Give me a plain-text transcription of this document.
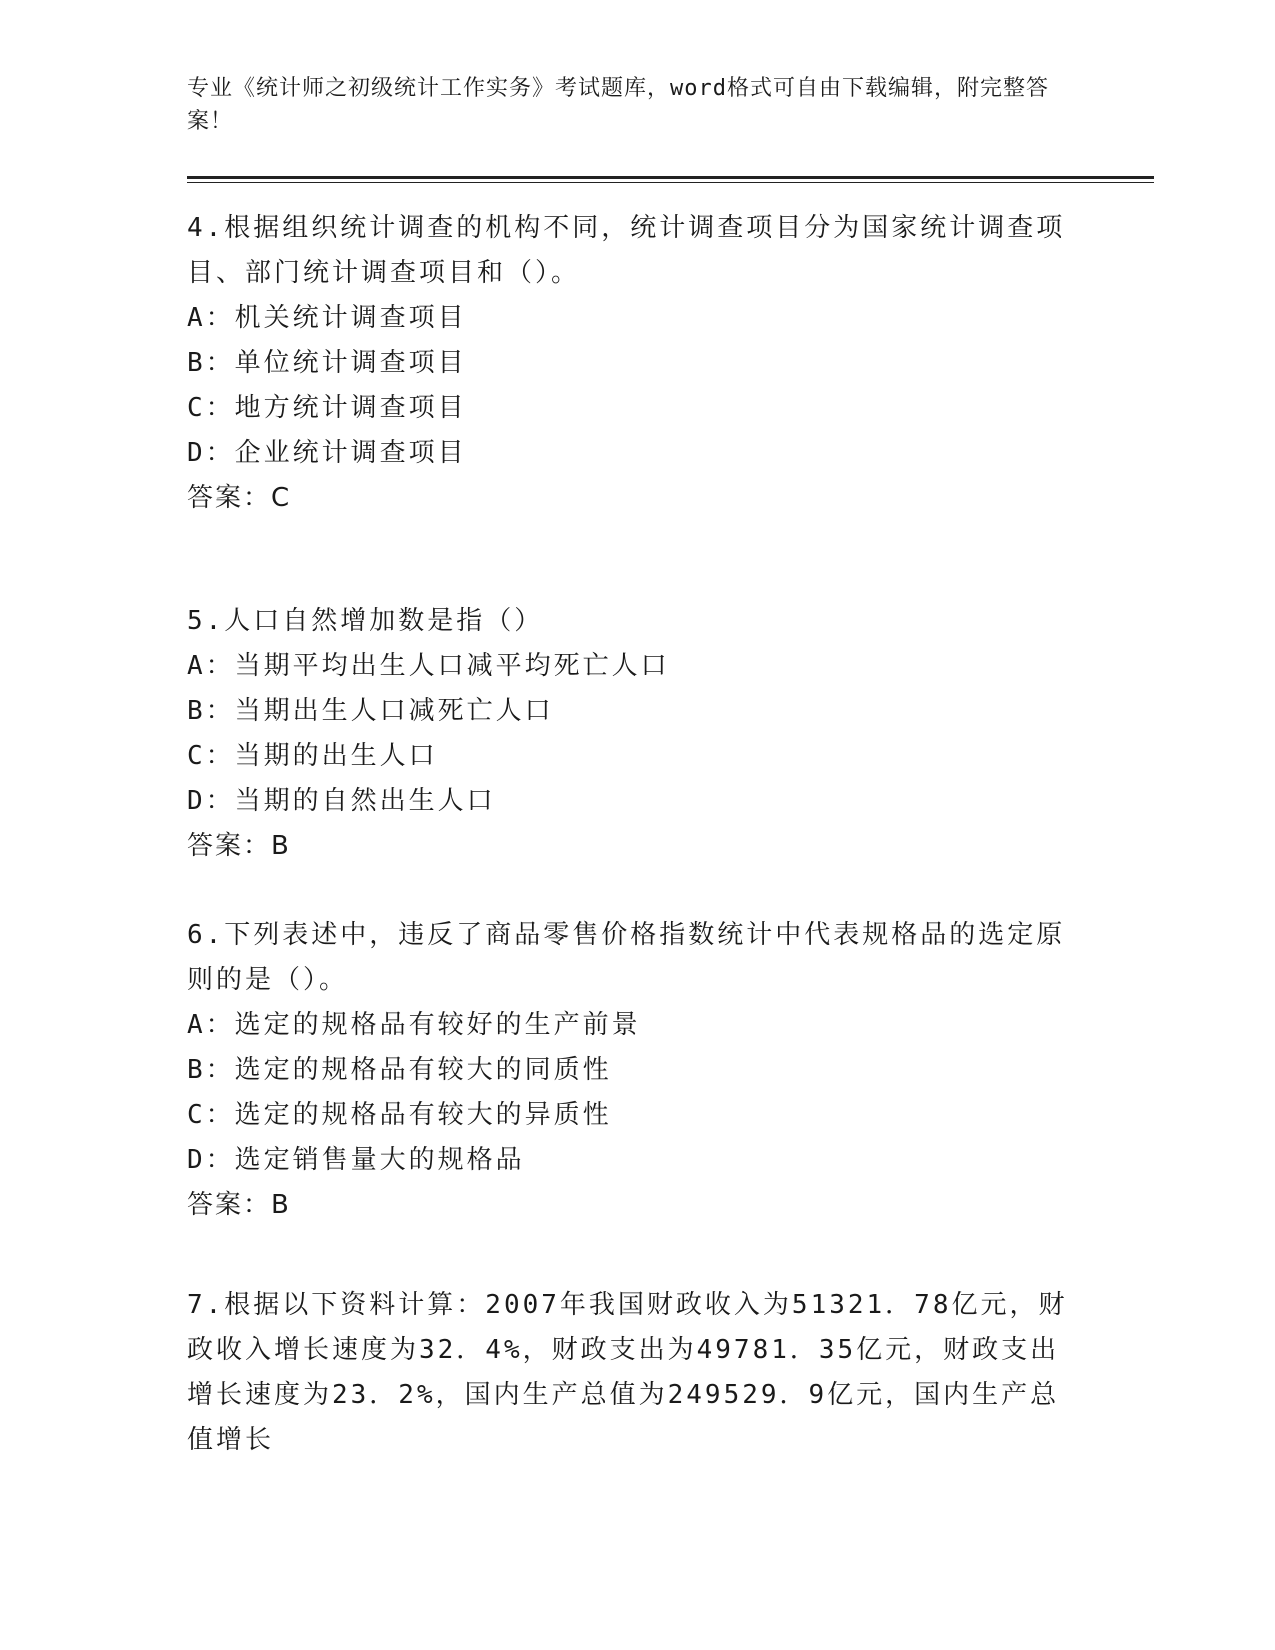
专业《统计师之初级统计工作实务》考试题库，word格式可自由下载编辑，附完整答案！
4.根据组织统计调查的机构不同，统计调查项目分为国家统计调查项目、部门统计调查项目和（）。
A：机关统计调查项目
B：单位统计调查项目
C：地方统计调查项目
D：企业统计调查项目
答案：C
5.人口自然增加数是指（）
A：当期平均出生人口减平均死亡人口
B：当期出生人口减死亡人口
C：当期的出生人口
D：当期的自然出生人口
答案：B
6.下列表述中，违反了商品零售价格指数统计中代表规格品的选定原则的是（）。
A：选定的规格品有较好的生产前景
B：选定的规格品有较大的同质性
C：选定的规格品有较大的异质性
D：选定销售量大的规格品
答案：B
7.根据以下资料计算：2007年我国财政收入为51321．78亿元，财政收入增长速度为32．4%，财政支出为49781．35亿元，财政支出增长速度为23．2%，国内生产总值为249529．9亿元，国内生产总值增长
